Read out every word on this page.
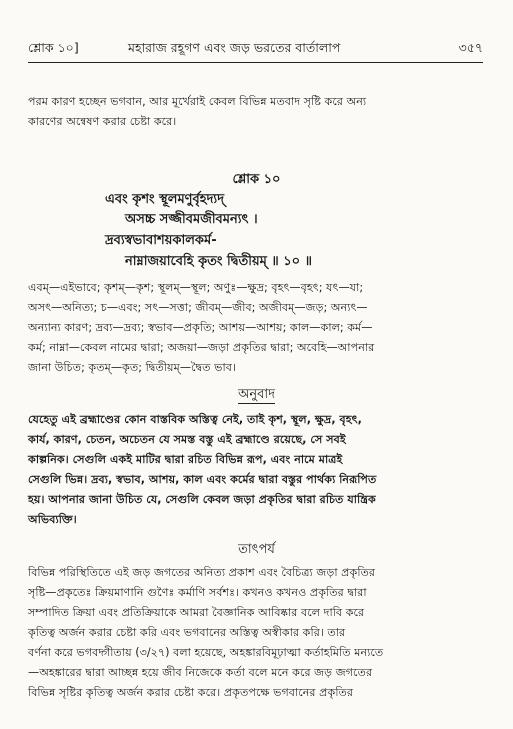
শ্লোক ১০]	মহারাজ রহূগণ এবং জড় ভরতের বার্তালাপ	৩৫৭
পরম কারণ হচ্ছেন ভগবান, আর মূর্খেরাই কেবল বিভিন্ন মতবাদ সৃষ্টি করে অন্য
কারণের অন্বেষণ করার চেষ্টা করে।
শ্লোক ১০
এবং কৃশং স্থূলমণুর্বৃহদ্যদ্
অসচ্চ সজ্জীবমজীবমন্যৎ ।
দ্রব্যস্বভাবাশয়কালকর্ম-
নাম্নাজয়াবেহি কৃতং দ্বিতীয়ম্ ॥ ১০ ॥
এবম্—এইভাবে; কৃশম্—কৃশ; স্থূলম্—স্থূল; অণুঃ—ক্ষুদ্র; বৃহৎ—বৃহৎ; যৎ—যা;
অসৎ—অনিত্য; চ—এবং; সৎ—সত্তা; জীবম্—জীব; অজীবম্—জড়; অন্যৎ—
অন্যান্য কারণ; দ্রব্য—দ্রব্য; স্বভাব—প্রকৃতি; আশয়—আশয়; কাল—কাল; কর্ম—
কর্ম; নাম্না—কেবল নামের দ্বারা; অজয়া—জড়া প্রকৃতির দ্বারা; অবেহি—আপনার
জানা উচিত; কৃতম্—কৃত; দ্বিতীয়ম্—দ্বৈত ভাব।
অনুবাদ
যেহেতু এই ব্রহ্মাণ্ডের কোন বাস্তবিক অস্তিত্ব নেই, তাই কৃশ, স্থূল, ক্ষুদ্র, বৃহৎ,
কার্য, কারণ, চেতন, অচেতন যে সমস্ত বস্তু এই ব্রহ্মাণ্ডে রয়েছে, সে সবই
কাল্পনিক। সেগুলি একই মাটির দ্বারা রচিত বিভিন্ন রূপ, এবং নামে মাত্রই
সেগুলি ভিন্ন। দ্রব্য, স্বভাব, আশয়, কাল এবং কর্মের দ্বারা বস্তুর পার্থক্য নিরূপিত
হয়। আপনার জানা উচিত যে, সেগুলি কেবল জড়া প্রকৃতির দ্বারা রচিত যান্ত্রিক
অভিব্যক্তি।
তাৎপর্য
বিভিন্ন পরিস্থিতিতে এই জড় জগতের অনিত্য প্রকাশ এবং বৈচিত্র্য জড়া প্রকৃতির
সৃষ্টি—প্রকৃতেঃ ক্রিয়মাণানি গুণৈঃ কর্মাণি সর্বশঃ। কখনও কখনও প্রকৃতির দ্বারা
সম্পাদিত ক্রিয়া এবং প্রতিক্রিয়াকে আমরা বৈজ্ঞানিক আবিষ্কার বলে দাবি করে
কৃতিত্ব অর্জন করার চেষ্টা করি এবং ভগবানের অস্তিত্ব অস্বীকার করি। তার
বর্ণনা করে ভগবদ্গীতায় (৩/২৭) বলা হয়েছে, অহঙ্কারবিমূঢ়াত্মা কর্তাহমিতি মন্যতে
—অহঙ্কারের দ্বারা আচ্ছন্ন হয়ে জীব নিজেকে কর্তা বলে মনে করে জড় জগতের
বিভিন্ন সৃষ্টির কৃতিত্ব অর্জন করার চেষ্টা করে। প্রকৃতপক্ষে ভগবানের প্রকৃতির
